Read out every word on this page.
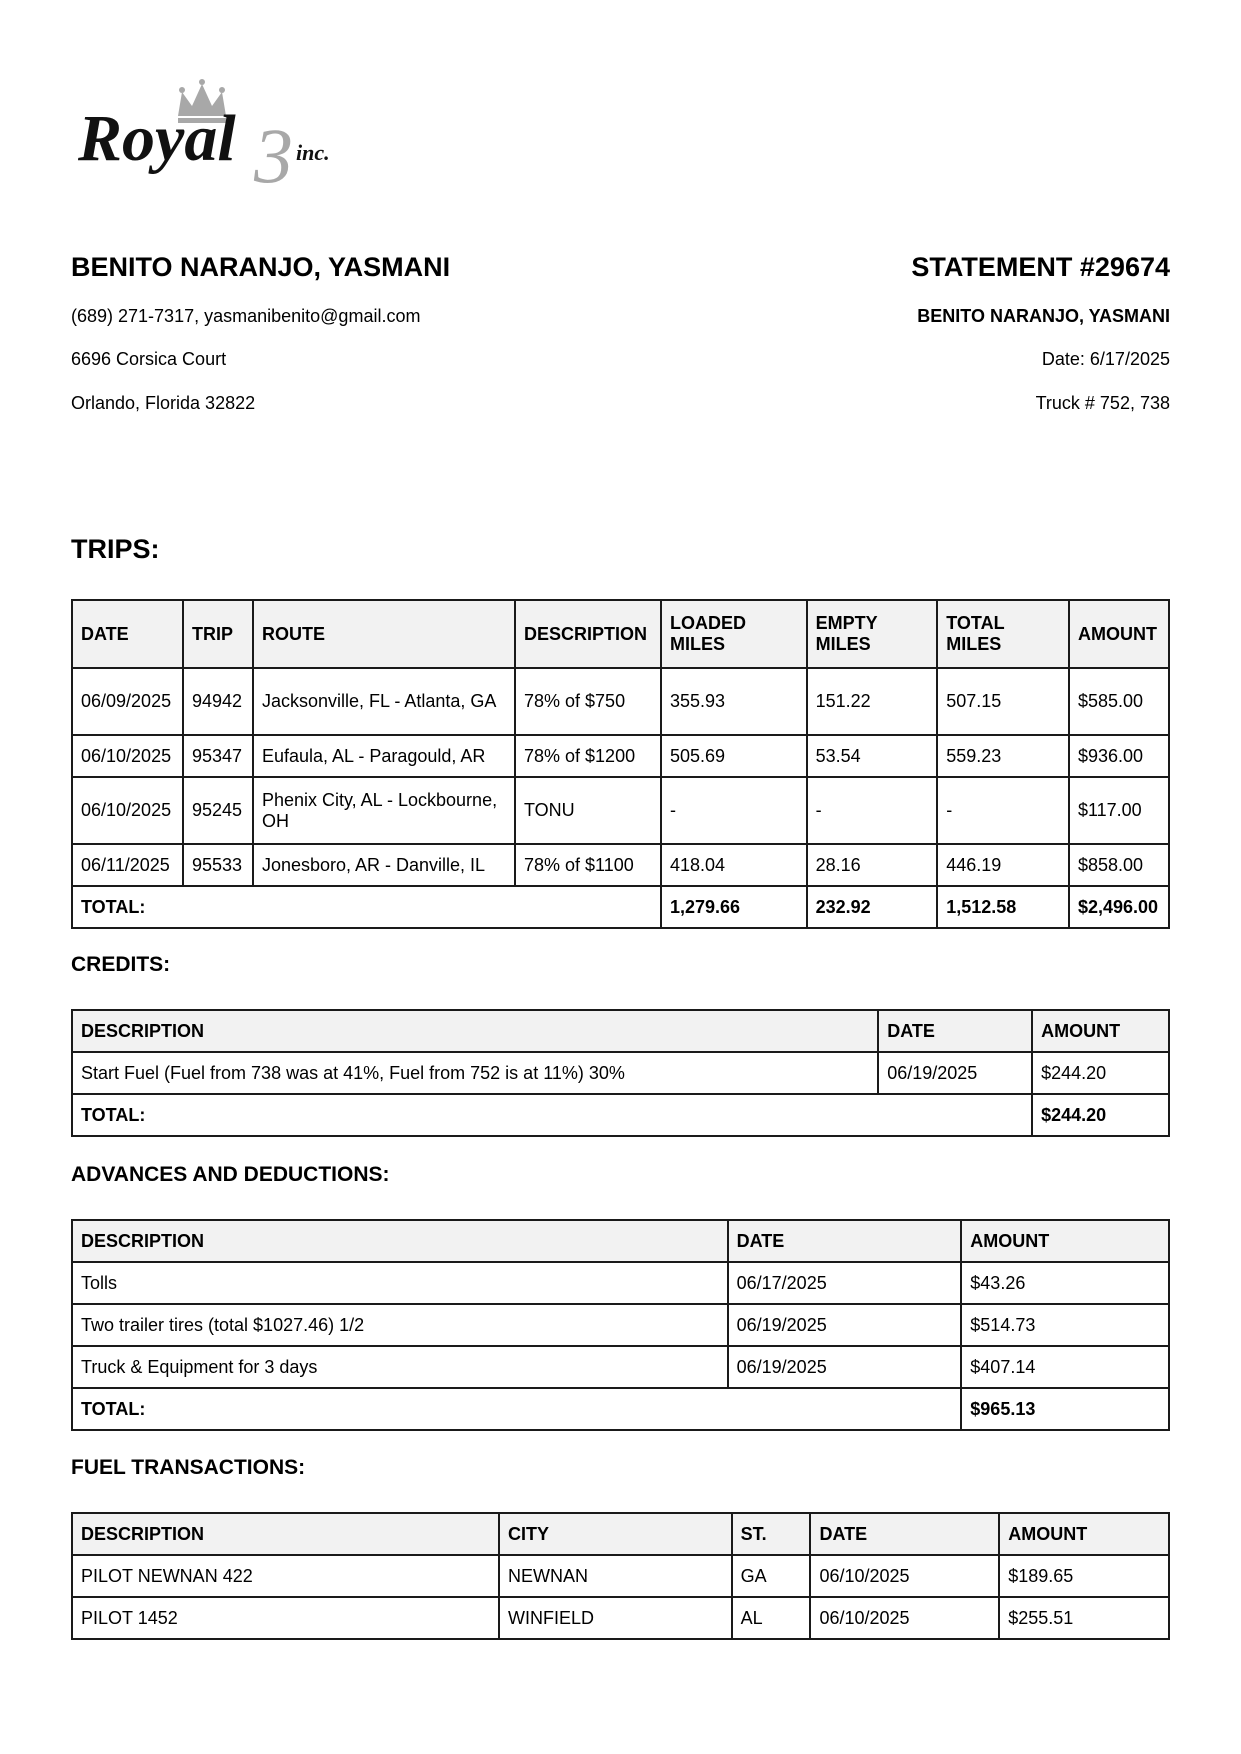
3
Royal	inc.

BENITO NARANJO, YASMANI

(689) 271-7317, yasmanibenito@gmail.com

6696 Corsica Court

Orlando, Florida 32822

STATEMENT #29674

BENITO NARANJO, YASMANI

Date: 6/17/2025

Truck # 752, 738

TRIPS:
DATE	TRIP	ROUTE	DESCRIPTION	LOADED MILES	EMPTY MILES	TOTAL MILES	AMOUNT
06/09/2025	94942	Jacksonville, FL - Atlanta, GA	78% of $750	355.93	151.22	507.15	$585.00
06/10/2025	95347	Eufaula, AL - Paragould, AR	78% of $1200	505.69	53.54	559.23	$936.00
06/10/2025	95245	Phenix City, AL - Lockbourne, OH	TONU	-	-	-	$117.00
06/11/2025	95533	Jonesboro, AR - Danville, IL	78% of $1100	418.04	28.16	446.19	$858.00
TOTAL:				1,279.66	232.92	1,512.58	$2,496.00
CREDITS:
DESCRIPTION	DATE	AMOUNT
Start Fuel (Fuel from 738 was at 41%, Fuel from 752 is at 11%) 30%	06/19/2025	$244.20
TOTAL:		$244.20
ADVANCES AND DEDUCTIONS:
DESCRIPTION	DATE	AMOUNT
Tolls	06/17/2025	$43.26
Two trailer tires (total $1027.46) 1/2	06/19/2025	$514.73
Truck & Equipment for 3 days	06/19/2025	$407.14
TOTAL:		$965.13
FUEL TRANSACTIONS:
DESCRIPTION	CITY	ST.	DATE	AMOUNT
PILOT NEWNAN 422	NEWNAN	GA	06/10/2025	$189.65
PILOT 1452	WINFIELD	AL	06/10/2025	$255.51
